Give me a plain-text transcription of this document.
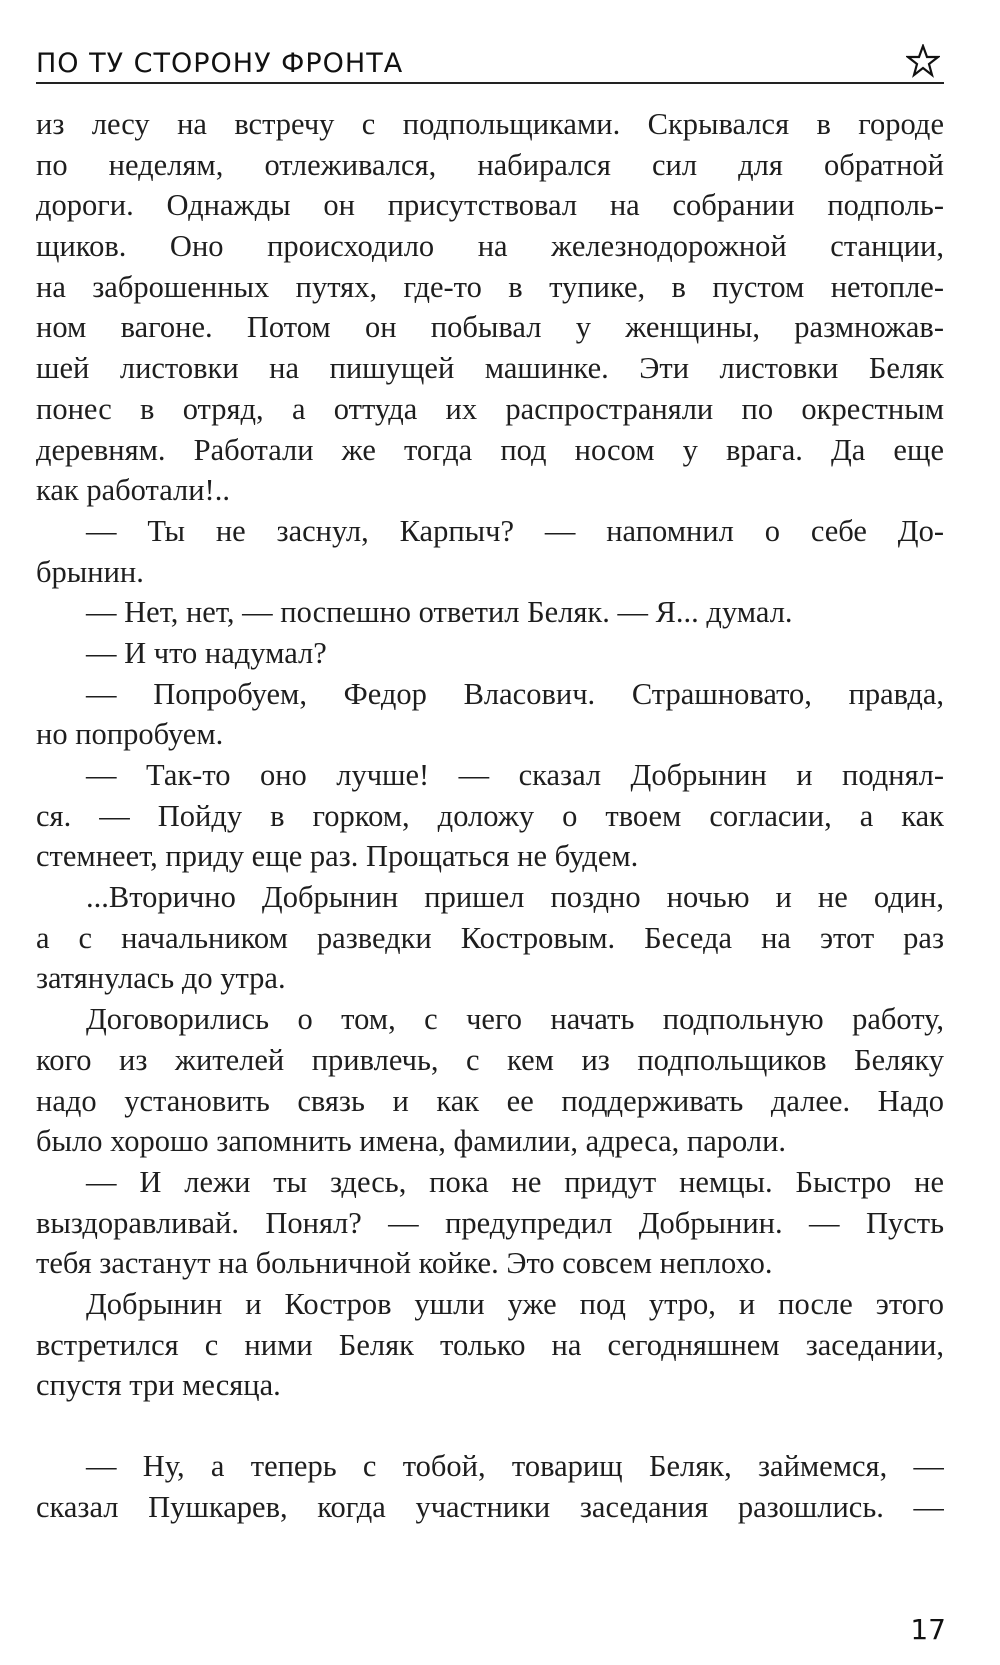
ПО ТУ СТОРОНУ ФРОНТА
из лесу на встречу с подпольщиками. Скрывался в городе
по неделям, отлеживался, набирался сил для обратной
дороги. Однажды он присутствовал на собрании подполь-
щиков. Оно происходило на железнодорожной станции,
на заброшенных путях, где-то в тупике, в пустом нетопле-
ном вагоне. Потом он побывал у женщины, размножав-
шей листовки на пишущей машинке. Эти листовки Беляк
понес в отряд, а оттуда их распространяли по окрестным
деревням. Работали же тогда под носом у врага. Да еще
как работали!..
— Ты не заснул, Карпыч? — напомнил о себе До-
брынин.
— Нет, нет, — поспешно ответил Беляк. — Я... думал.
— И что надумал?
— Попробуем, Федор Власович. Страшновато, правда,
но попробуем.
— Так-то оно лучше! — сказал Добрынин и поднял-
ся. — Пойду в горком, доложу о твоем согласии, а как
стемнеет, приду еще раз. Прощаться не будем.
...Вторично Добрынин пришел поздно ночью и не один,
а с начальником разведки Костровым. Беседа на этот раз
затянулась до утра.
Договорились о том, с чего начать подпольную работу,
кого из жителей привлечь, с кем из подпольщиков Беляку
надо установить связь и как ее поддерживать далее. Надо
было хорошо запомнить имена, фамилии, адреса, пароли.
— И лежи ты здесь, пока не придут немцы. Быстро не
выздоравливай. Понял? — предупредил Добрынин. — Пусть
тебя застанут на больничной койке. Это совсем неплохо.
Добрынин и Костров ушли уже под утро, и после этого
встретился с ними Беляк только на сегодняшнем заседании,
спустя три месяца.
— Ну, а теперь с тобой, товарищ Беляк, займемся, —
сказал Пушкарев, когда участники заседания разошлись. —
17
